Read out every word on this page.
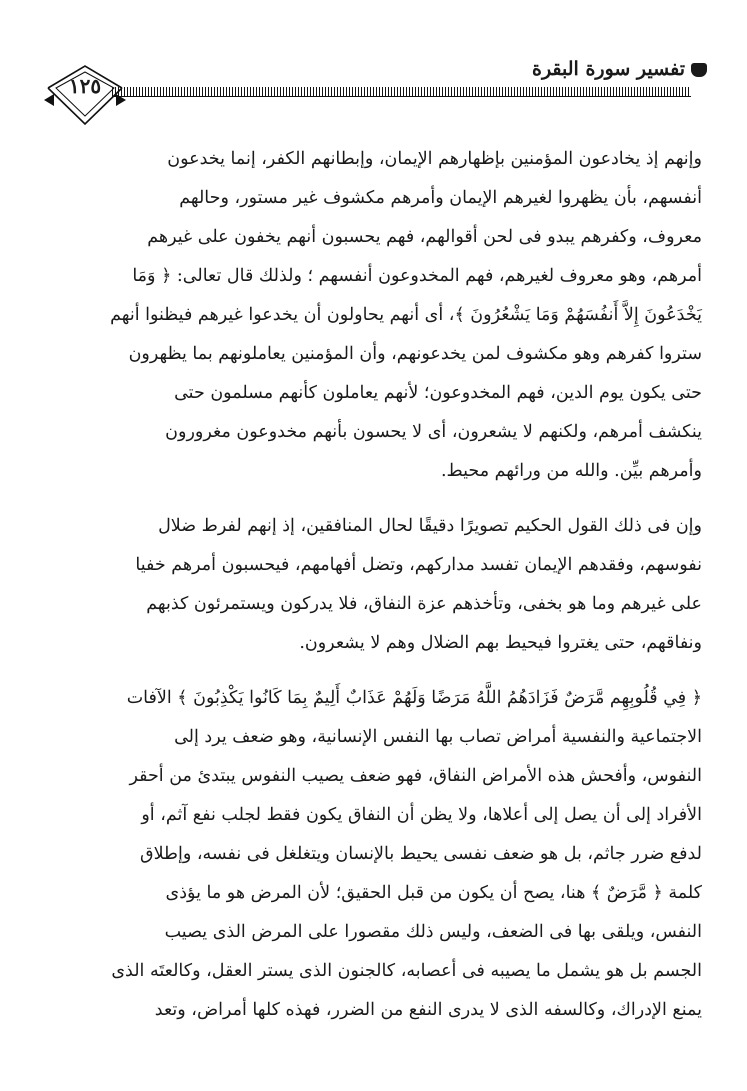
تفسير سورة البقرة
١٢٥

وإنهم إذ يخادعون المؤمنين بإظهارهم الإيمان، وإبطانهم الكفر، إنما يخدعون
أنفسهم، بأن يظهروا لغيرهم الإيمان وأمرهم مكشوف غير مستور، وحالهم
معروف، وكفرهم يبدو فى لحن أقوالهم، فهم يحسبون أنهم يخفون على غيرهم
أمرهم، وهو معروف لغيرهم، فهم المخدوعون أنفسهم ؛ ولذلك قال تعالى: ﴿ وَمَا
يَخْدَعُونَ إِلاَّ أَنفُسَهُمْ وَمَا يَشْعُرُونَ ﴾، أى أنهم يحاولون أن يخدعوا غيرهم فيظنوا أنهم
ستروا كفرهم وهو مكشوف لمن يخدعونهم، وأن المؤمنين يعاملونهم بما يظهرون
حتى يكون يوم الدين، فهم المخدوعون؛ لأنهم يعاملون كأنهم مسلمون حتى
ينكشف أمرهم، ولكنهم لا يشعرون، أى لا يحسون بأنهم مخدوعون مغرورون
وأمرهم بيِّن. والله من ورائهم محيط.

وإن فى ذلك القول الحكيم تصويرًا دقيقًا لحال المنافقين، إذ إنهم لفرط ضلال
نفوسهم، وفقدهم الإيمان تفسد مداركهم، وتضل أفهامهم، فيحسبون أمرهم خفيا
على غيرهم وما هو بخفى، وتأخذهم عزة النفاق، فلا يدركون ويستمرئون كذبهم
ونفاقهم، حتى يغتروا فيحيط بهم الضلال وهم لا يشعرون.

﴿ فِي قُلُوبِهِم مَّرَضٌ فَزَادَهُمُ اللَّهُ مَرَضًا وَلَهُمْ عَذَابٌ أَلِيمٌ بِمَا كَانُوا يَكْذِبُونَ ﴾ الآفات
الاجتماعية والنفسية أمراض تصاب بها النفس الإنسانية، وهو ضعف يرد إلى
النفوس، وأفحش هذه الأمراض النفاق، فهو ضعف يصيب النفوس يبتدئ من أحقر
الأفراد إلى أن يصل إلى أعلاها، ولا يظن أن النفاق يكون فقط لجلب نفع آثم، أو
لدفع ضرر جاثم، بل هو ضعف نفسى يحيط بالإنسان ويتغلغل فى نفسه، وإطلاق
كلمة ﴿ مَّرَضٌ ﴾ هنا، يصح أن يكون من قبل الحقيق؛ لأن المرض هو ما يؤذى
النفس، ويلقى بها فى الضعف، وليس ذلك مقصورا على المرض الذى يصيب
الجسم بل هو يشمل ما يصيبه فى أعصابه، كالجنون الذى يستر العقل، وكالعتَه الذى
يمنع الإدراك، وكالسفه الذى لا يدرى النفع من الضرر، فهذه كلها أمراض، وتعد
